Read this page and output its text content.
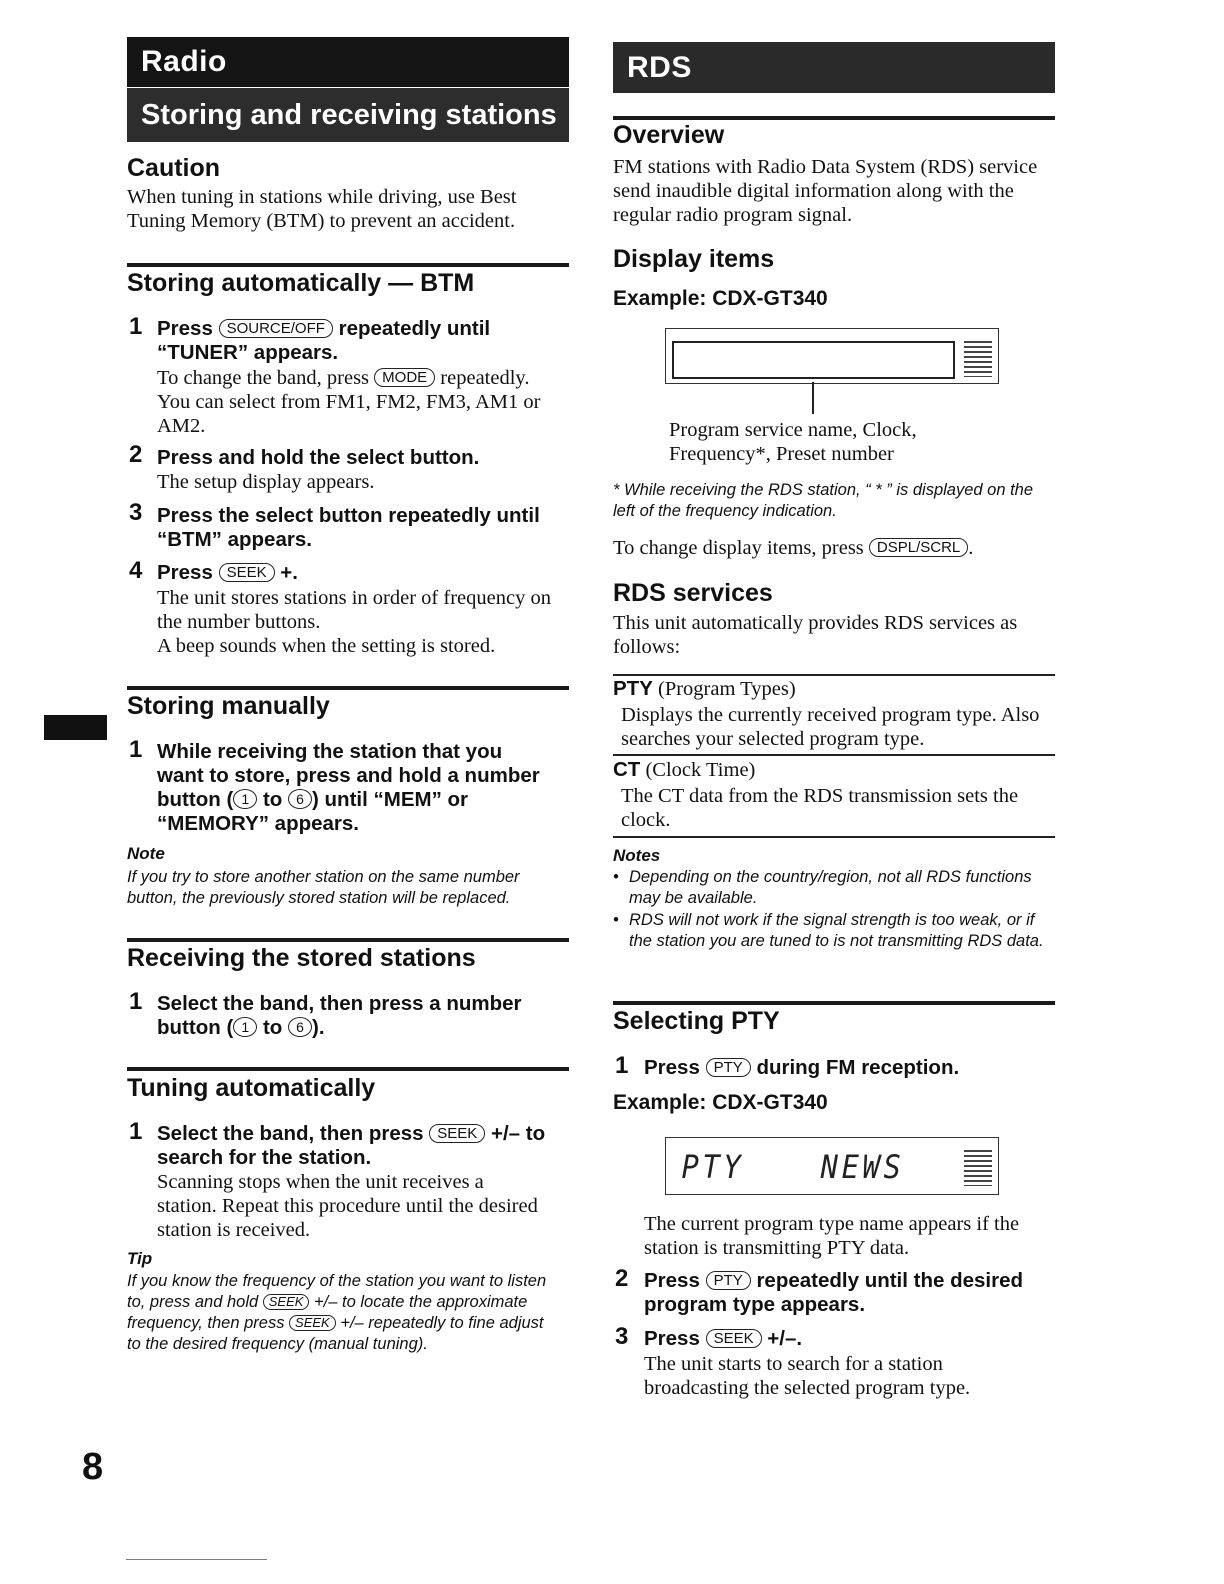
Radio
Storing and receiving stations
Caution
When tuning in stations while driving, use Best Tuning Memory (BTM) to prevent an accident.
Storing automatically — BTM
1 Press SOURCE/OFF repeatedly until “TUNER” appears.
To change the band, press MODE repeatedly. You can select from FM1, FM2, FM3, AM1 or AM2.
2 Press and hold the select button.
The setup display appears.
3 Press the select button repeatedly until “BTM” appears.
4 Press SEEK +.
The unit stores stations in order of frequency on the number buttons.
A beep sounds when the setting is stored.
Storing manually
1 While receiving the station that you want to store, press and hold a number button ( 1 to 6 ) until “MEM” or “MEMORY” appears.
Note
If you try to store another station on the same number button, the previously stored station will be replaced.
Receiving the stored stations
1 Select the band, then press a number button ( 1 to 6 ).
Tuning automatically
1 Select the band, then press SEEK +/– to search for the station.
Scanning stops when the unit receives a station. Repeat this procedure until the desired station is received.
Tip
If you know the frequency of the station you want to listen to, press and hold SEEK +/– to locate the approximate frequency, then press SEEK +/– repeatedly to fine adjust to the desired frequency (manual tuning).
RDS
Overview
FM stations with Radio Data System (RDS) service send inaudible digital information along with the regular radio program signal.
Display items
Example: CDX-GT340
Program service name, Clock, Frequency*, Preset number
* While receiving the RDS station, “ * ” is displayed on the left of the frequency indication.
To change display items, press DSPL/SCRL .
RDS services
This unit automatically provides RDS services as follows:
PTY (Program Types)
Displays the currently received program type. Also searches your selected program type.
CT (Clock Time)
The CT data from the RDS transmission sets the clock.
Notes
• Depending on the country/region, not all RDS functions may be available.
• RDS will not work if the signal strength is too weak, or if the station you are tuned to is not transmitting RDS data.
Selecting PTY
1 Press PTY during FM reception.
Example: CDX-GT340
PTY NEWS
The current program type name appears if the station is transmitting PTY data.
2 Press PTY repeatedly until the desired program type appears.
3 Press SEEK +/–.
The unit starts to search for a station broadcasting the selected program type.
8
